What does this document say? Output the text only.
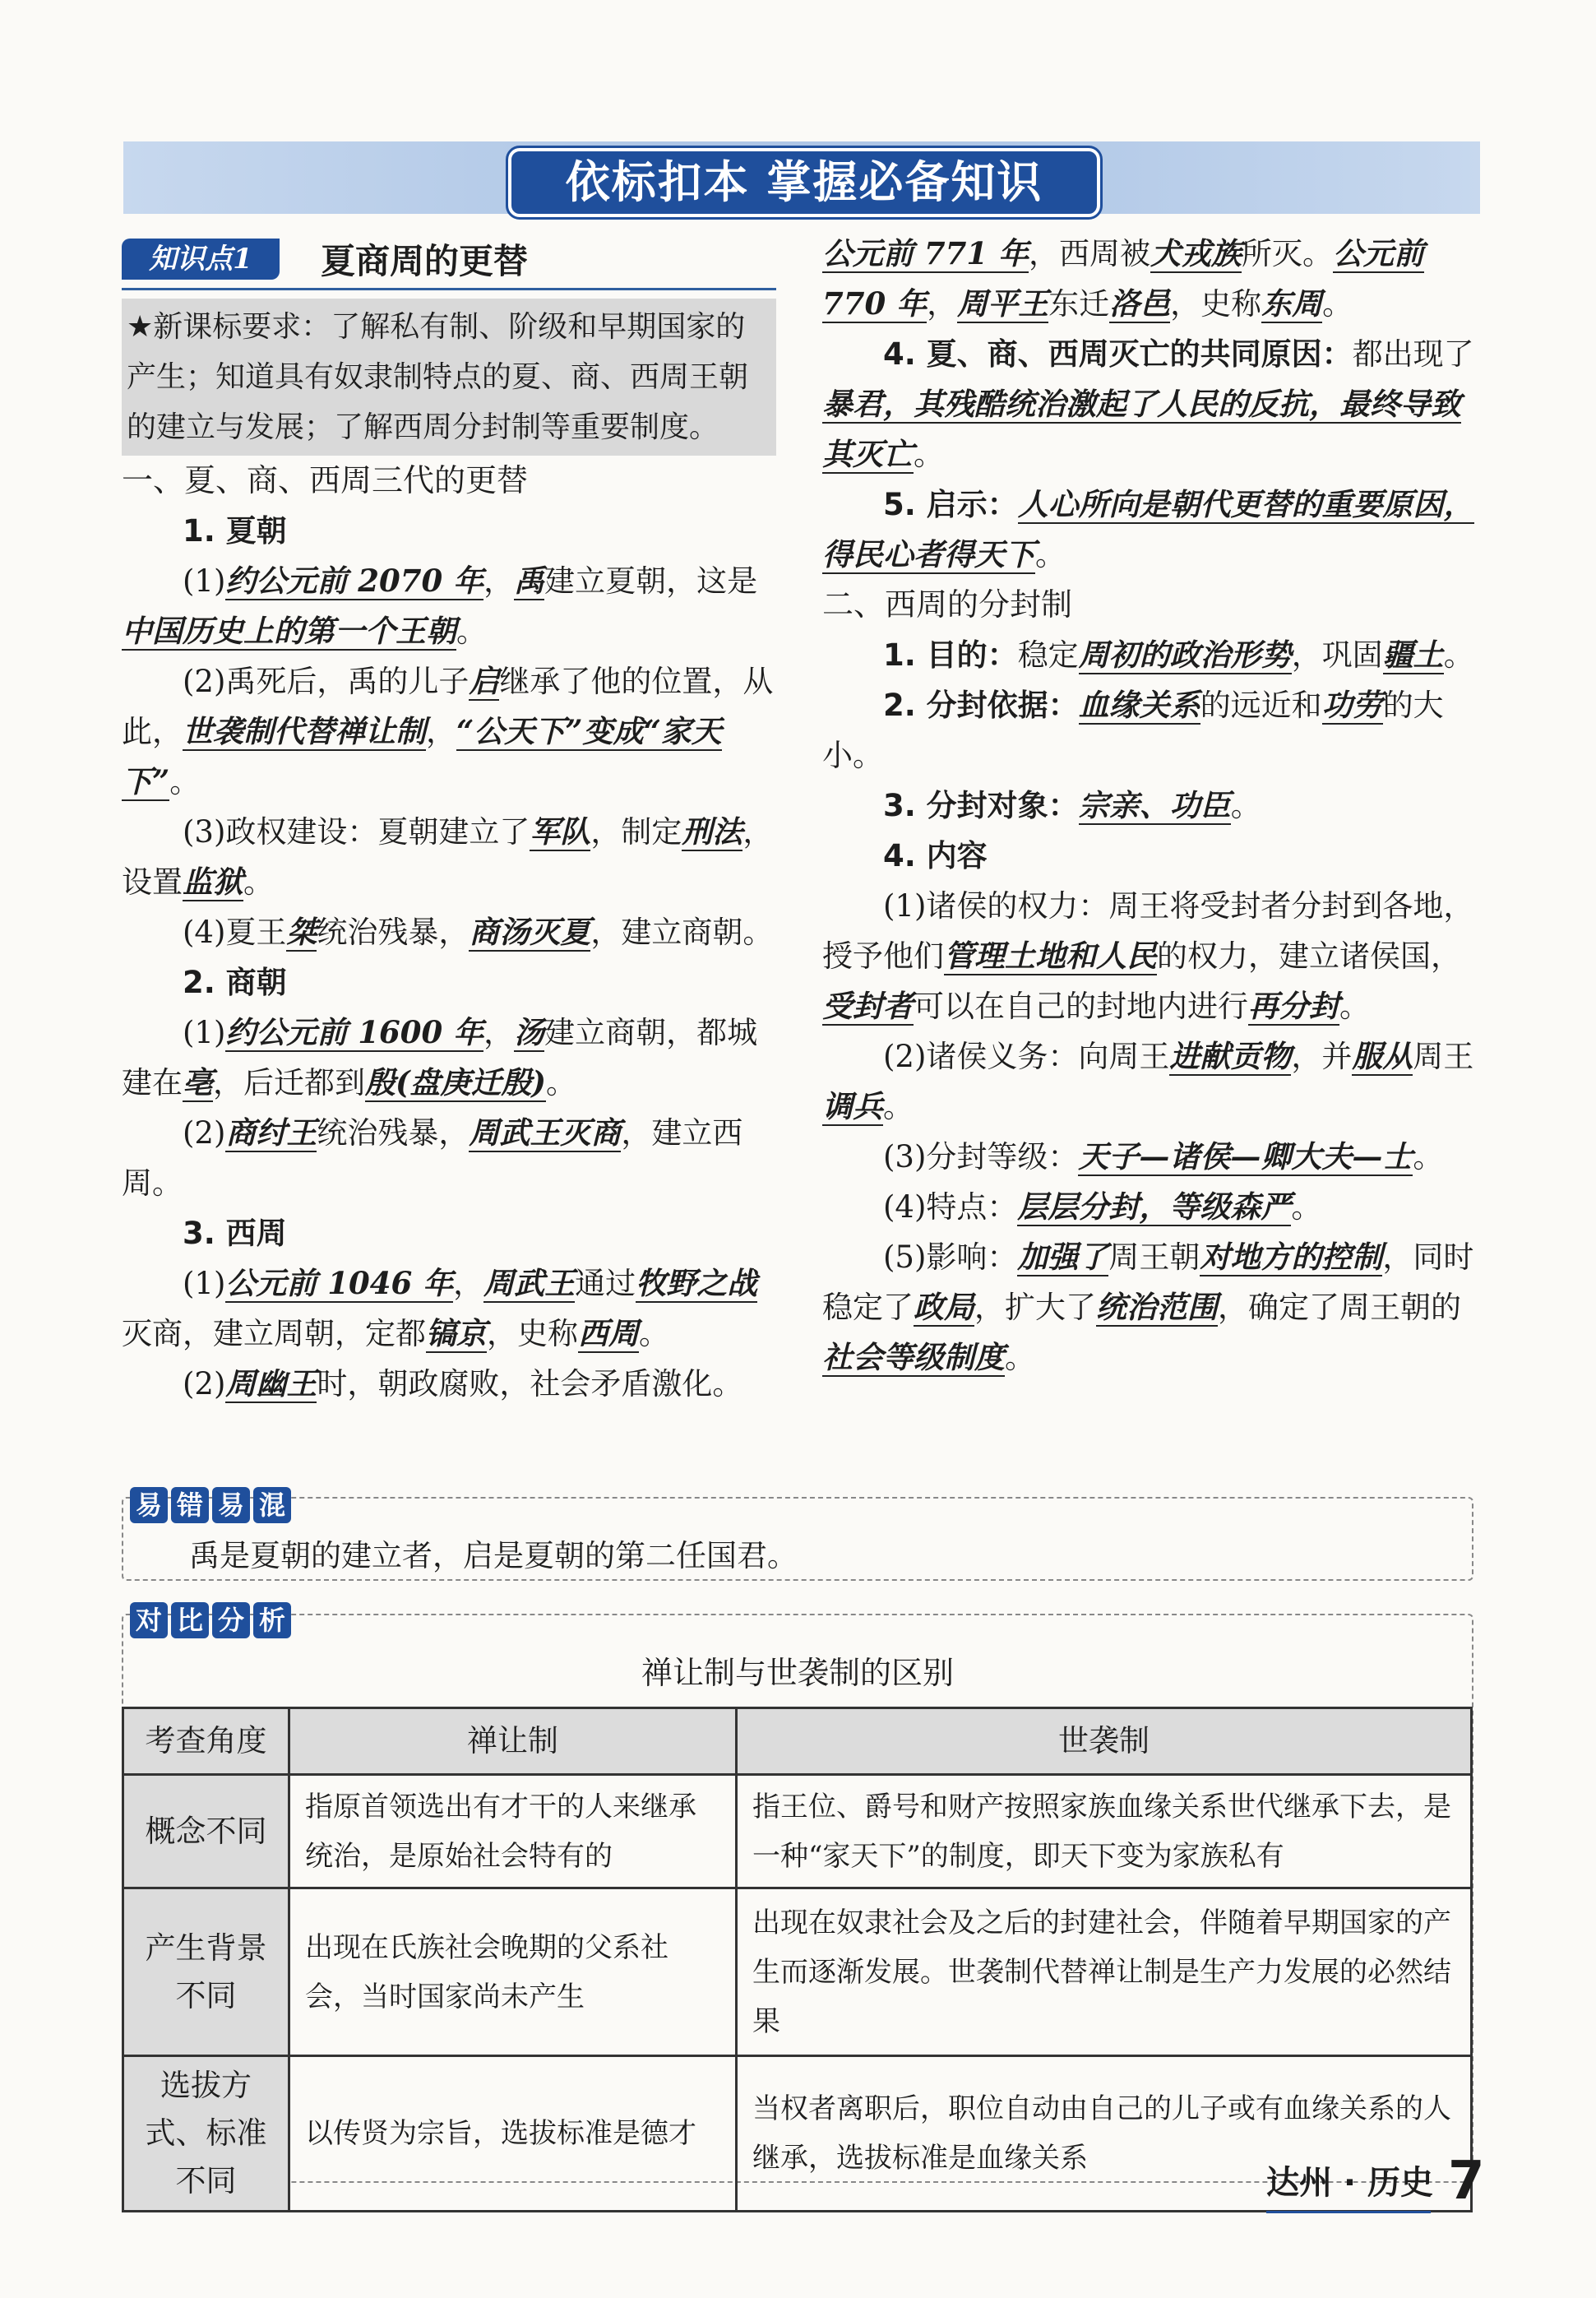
依标扣本 掌握必备知识
知识点1	夏商周的更替

★新课标要求：了解私有制、阶级和早期国家的产生；知道具有奴隶制特点的夏、商、西周王朝的建立与发展；了解西周分封制等重要制度。

一、夏、商、西周三代的更替

1. 夏朝

(1)约公元前 2070 年，禹建立夏朝，这是中国历史上的第一个王朝。

(2)禹死后，禹的儿子启继承了他的位置，从此，世袭制代替禅让制，“公天下”变成“家天下”。

(3)政权建设：夏朝建立了军队，制定刑法，设置监狱。

(4)夏王桀统治残暴，商汤灭夏，建立商朝。

2. 商朝

(1)约公元前 1600 年，汤建立商朝，都城建在亳，后迁都到殷(盘庚迁殷)。

(2)商纣王统治残暴，周武王灭商，建立西周。

3. 西周

(1)公元前 1046 年，周武王通过牧野之战灭商，建立周朝，定都镐京，史称西周。

(2)周幽王时，朝政腐败，社会矛盾激化。

公元前 771 年，西周被犬戎族所灭。公元前 770 年，周平王东迁洛邑，史称东周。

4. 夏、商、西周灭亡的共同原因：都出现了暴君，其残酷统治激起了人民的反抗，最终导致其灭亡。

5. 启示：人心所向是朝代更替的重要原因，得民心者得天下。

二、西周的分封制

1. 目的：稳定周初的政治形势，巩固疆土。

2. 分封依据：血缘关系的远近和功劳的大小。

3. 分封对象：宗亲、功臣。

4. 内容

(1)诸侯的权力：周王将受封者分封到各地，授予他们管理土地和人民的权力，建立诸侯国，受封者可以在自己的封地内进行再分封。

(2)诸侯义务：向周王进献贡物，并服从周王调兵。

(3)分封等级：天子—诸侯—卿大夫—士。

(4)特点：层层分封，等级森严。

(5)影响：加强了周王朝对地方的控制，同时稳定了政局，扩大了统治范围，确定了周王朝的社会等级制度。

易 错 易 混
禹是夏朝的建立者，启是夏朝的第二任国君。
对 比 分 析
禅让制与世袭制的区别
考查角度	禅让制	世袭制
概念不同	指原首领选出有才干的人来继承统治，是原始社会特有的	指王位、爵号和财产按照家族血缘关系世代继承下去，是一种“家天下”的制度，即天下变为家族私有
产生背景不同	出现在氏族社会晚期的父系社会，当时国家尚未产生	出现在奴隶社会及之后的封建社会，伴随着早期国家的产生而逐渐发展。世袭制代替禅让制是生产力发展的必然结果
选拔方式、标准不同	以传贤为宗旨，选拔标准是德才	当权者离职后，职位自动由自己的儿子或有血缘关系的人继承，选拔标准是血缘关系
达州 · 历史 7
